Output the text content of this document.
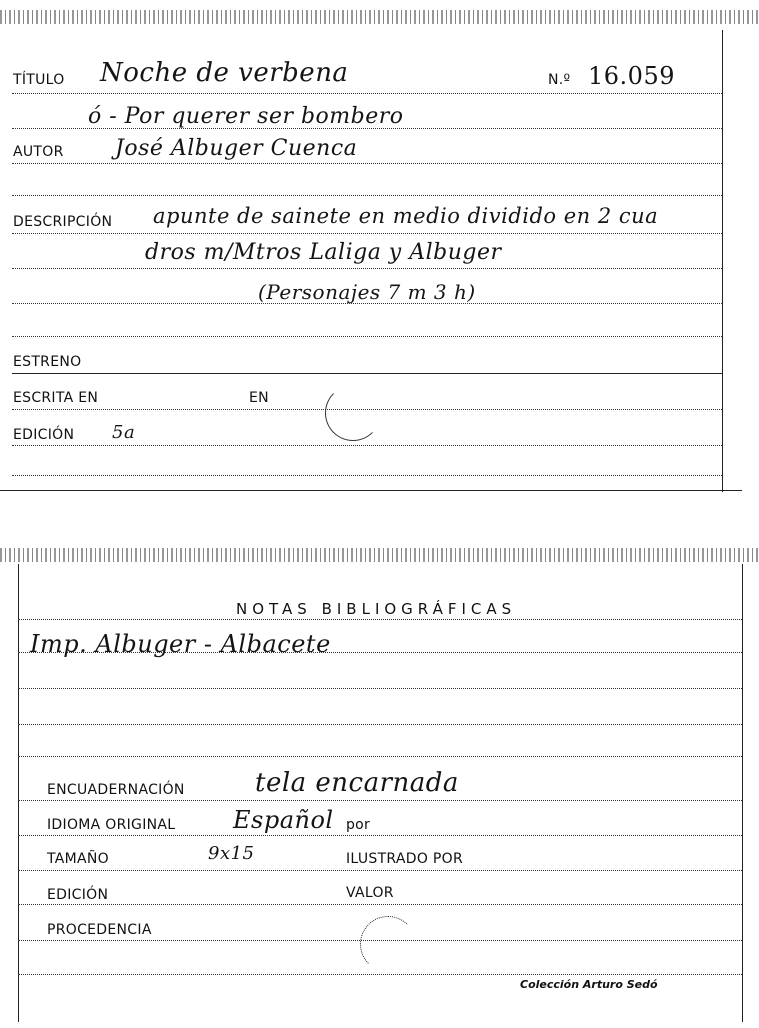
TÍTULO Noche de verbena	N.º 16.059
ó - Por querer ser bombero
AUTOR José Albuger Cuenca
DESCRIPCIÓN apunte de sainete en medio dividido en 2 cua
dros m/Mtros Laliga y Albuger
(Personajes 7 m 3 h)
ESTRENO
ESCRITA EN	EN
EDICIÓN 5a
NOTAS BIBLIOGRÁFICAS
Imp. Albuger - Albacete
ENCUADERNACIÓN	tela encarnada
IDIOMA ORIGINAL Español por
TAMAÑO	9x15	ILUSTRADO POR
EDICIÓN	VALOR
PROCEDENCIA
Colección Arturo Sedó
